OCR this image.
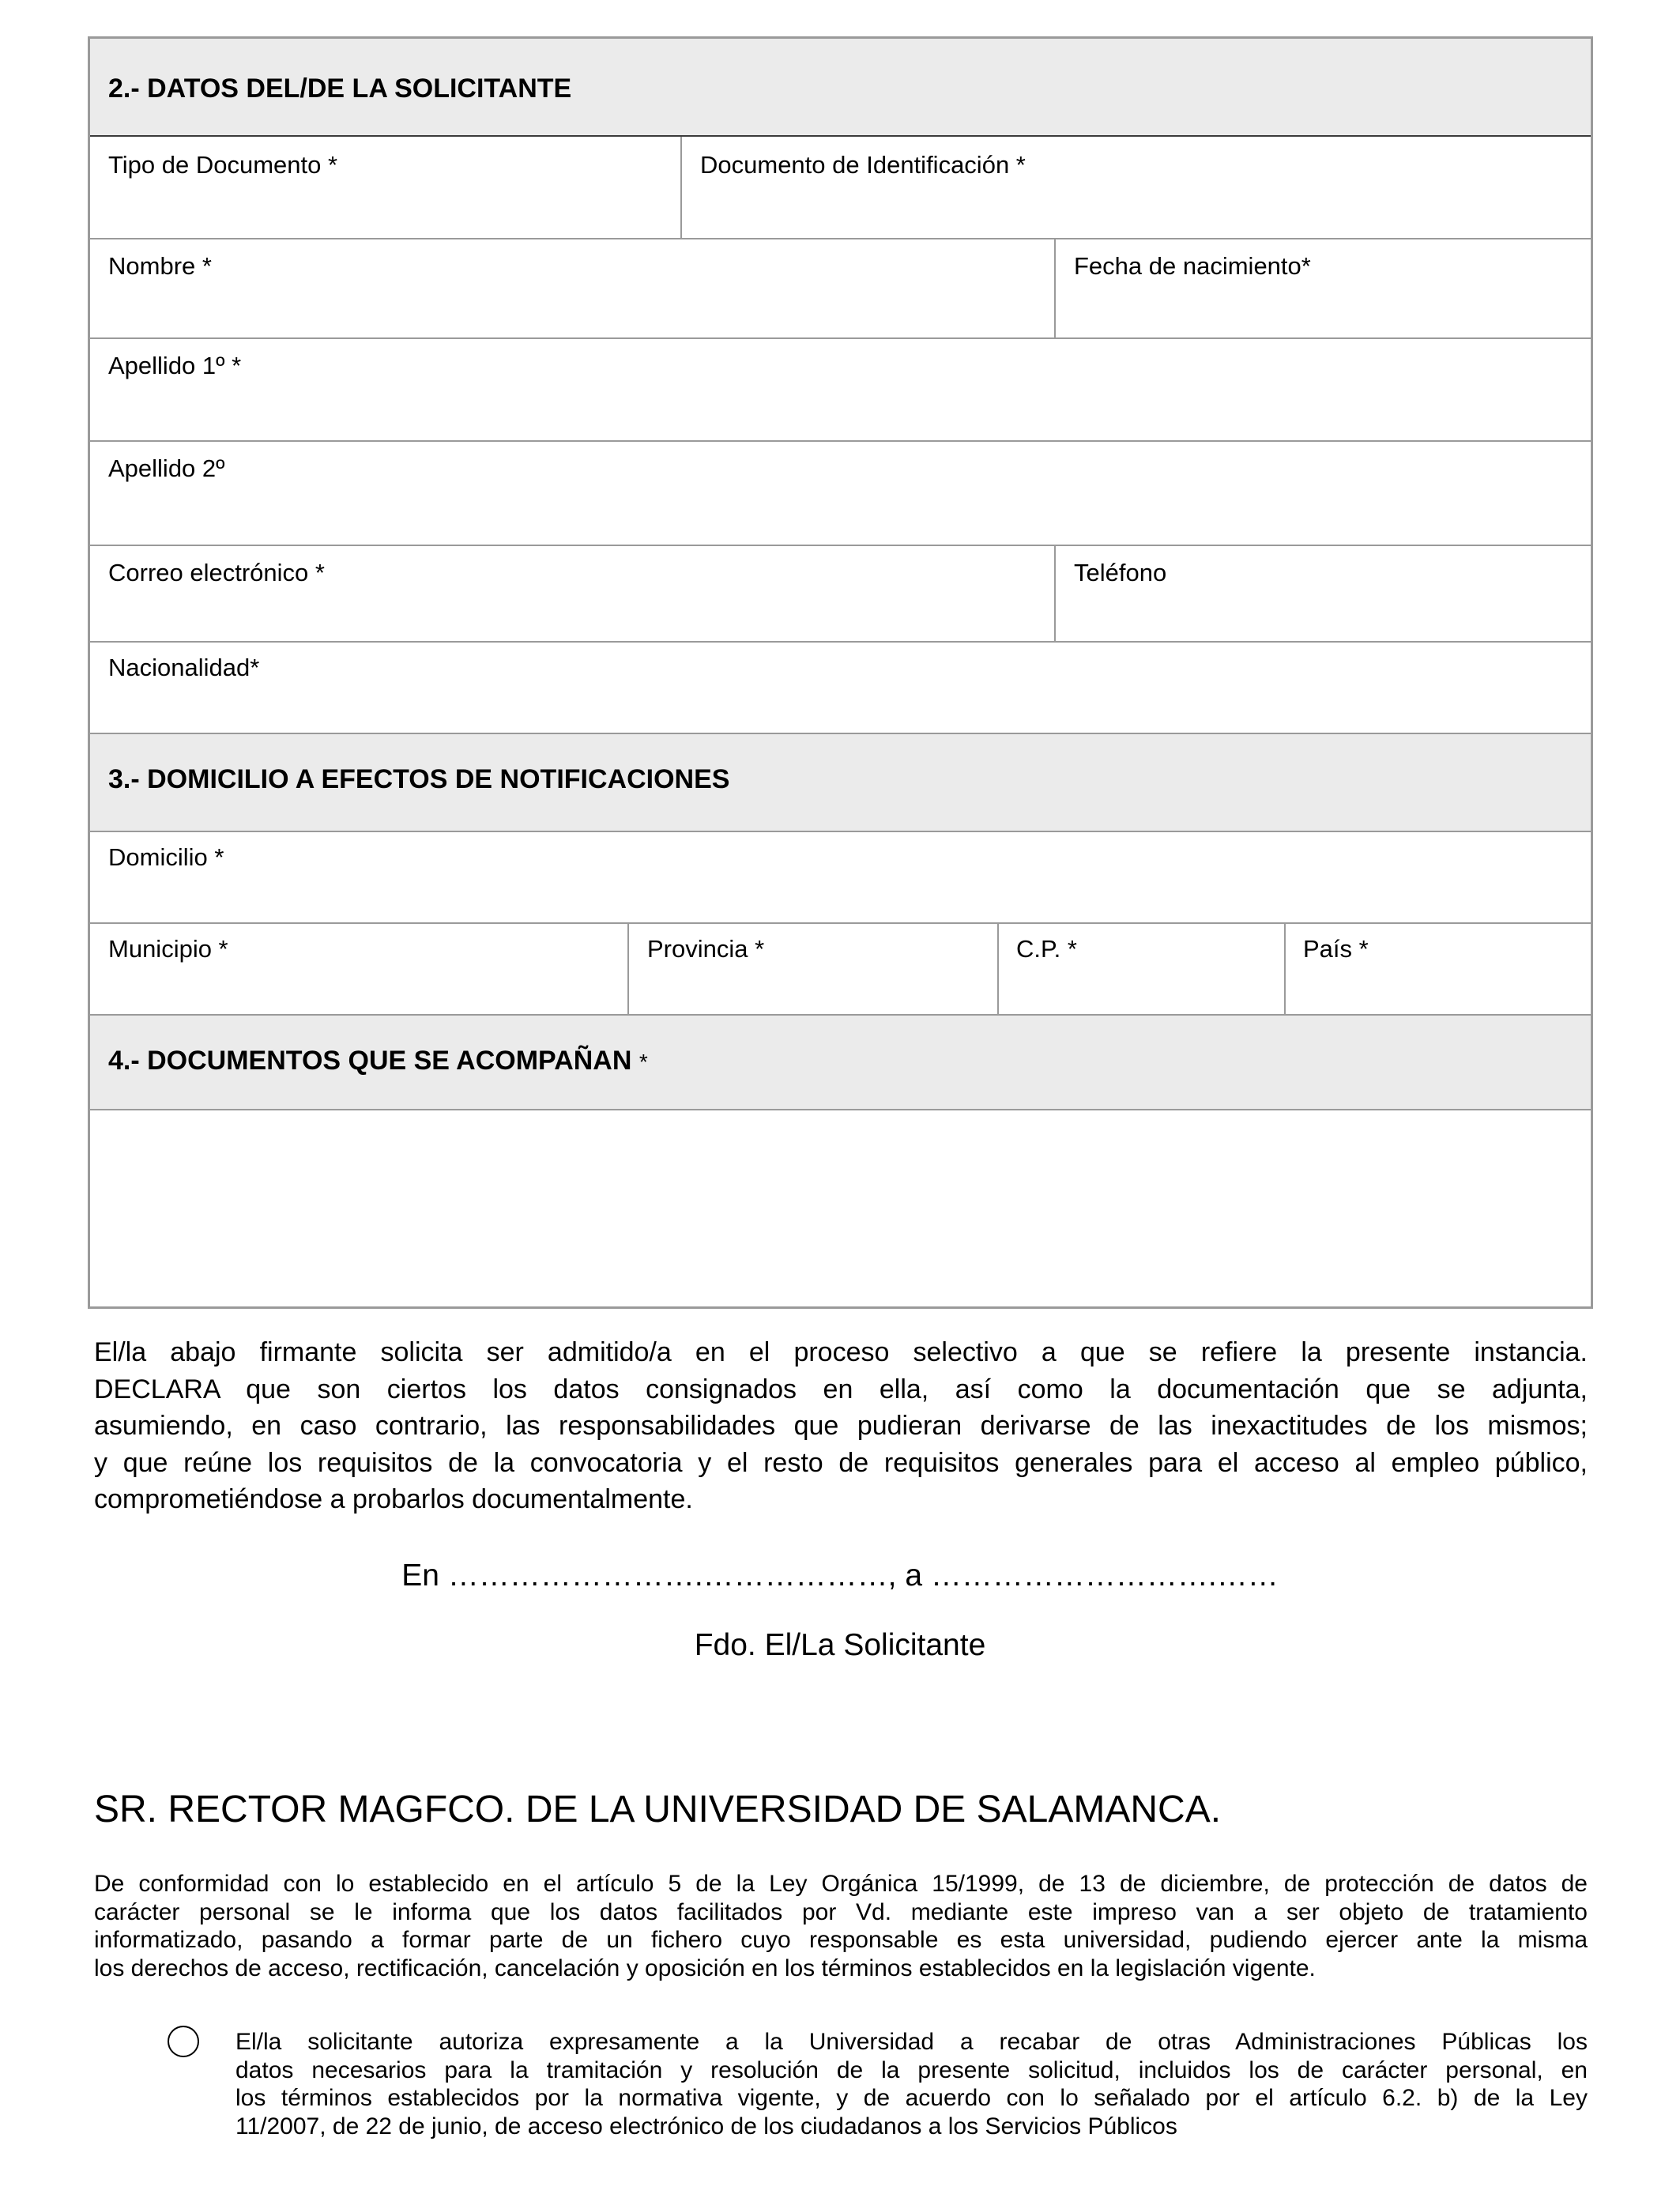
2.- DATOS DEL/DE LA SOLICITANTE
Tipo de Documento *	Documento de Identificación *
Nombre *	Fecha de nacimiento*
Apellido 1º *
Apellido 2º
Correo electrónico *	Teléfono
Nacionalidad*
3.- DOMICILIO A EFECTOS DE NOTIFICACIONES
Domicilio *
Municipio *	Provincia *	C.P. *	País *
4.- DOCUMENTOS QUE SE ACOMPAÑAN *
El/la abajo firmante solicita ser admitido/a en el proceso selectivo a que se refiere la presente instancia.
DECLARA que son ciertos los datos consignados en ella, así como la documentación que se adjunta,
asumiendo, en caso contrario, las responsabilidades que pudieran derivarse de las inexactitudes de los mismos;
y que reúne los requisitos de la convocatoria y el resto de requisitos generales para el acceso al empleo público,
comprometiéndose a probarlos documentalmente.
En …………………….………………, a ……………………….……
Fdo. El/La Solicitante
SR. RECTOR MAGFCO. DE LA UNIVERSIDAD DE SALAMANCA.
De conformidad con lo establecido en el artículo 5 de la Ley Orgánica 15/1999, de 13 de diciembre, de protección de datos de
carácter personal se le informa que los datos facilitados por Vd. mediante este impreso van a ser objeto de tratamiento
informatizado, pasando a formar parte de un fichero cuyo responsable es esta universidad, pudiendo ejercer ante la misma
los derechos de acceso, rectificación, cancelación y oposición en los términos establecidos en la legislación vigente.
El/la solicitante autoriza expresamente a la Universidad a recabar de otras Administraciones Públicas los
datos necesarios para la tramitación y resolución de la presente solicitud, incluidos los de carácter personal, en
los términos establecidos por la normativa vigente, y de acuerdo con lo señalado por el artículo 6.2. b) de la Ley
11/2007, de 22 de junio, de acceso electrónico de los ciudadanos a los Servicios Públicos
